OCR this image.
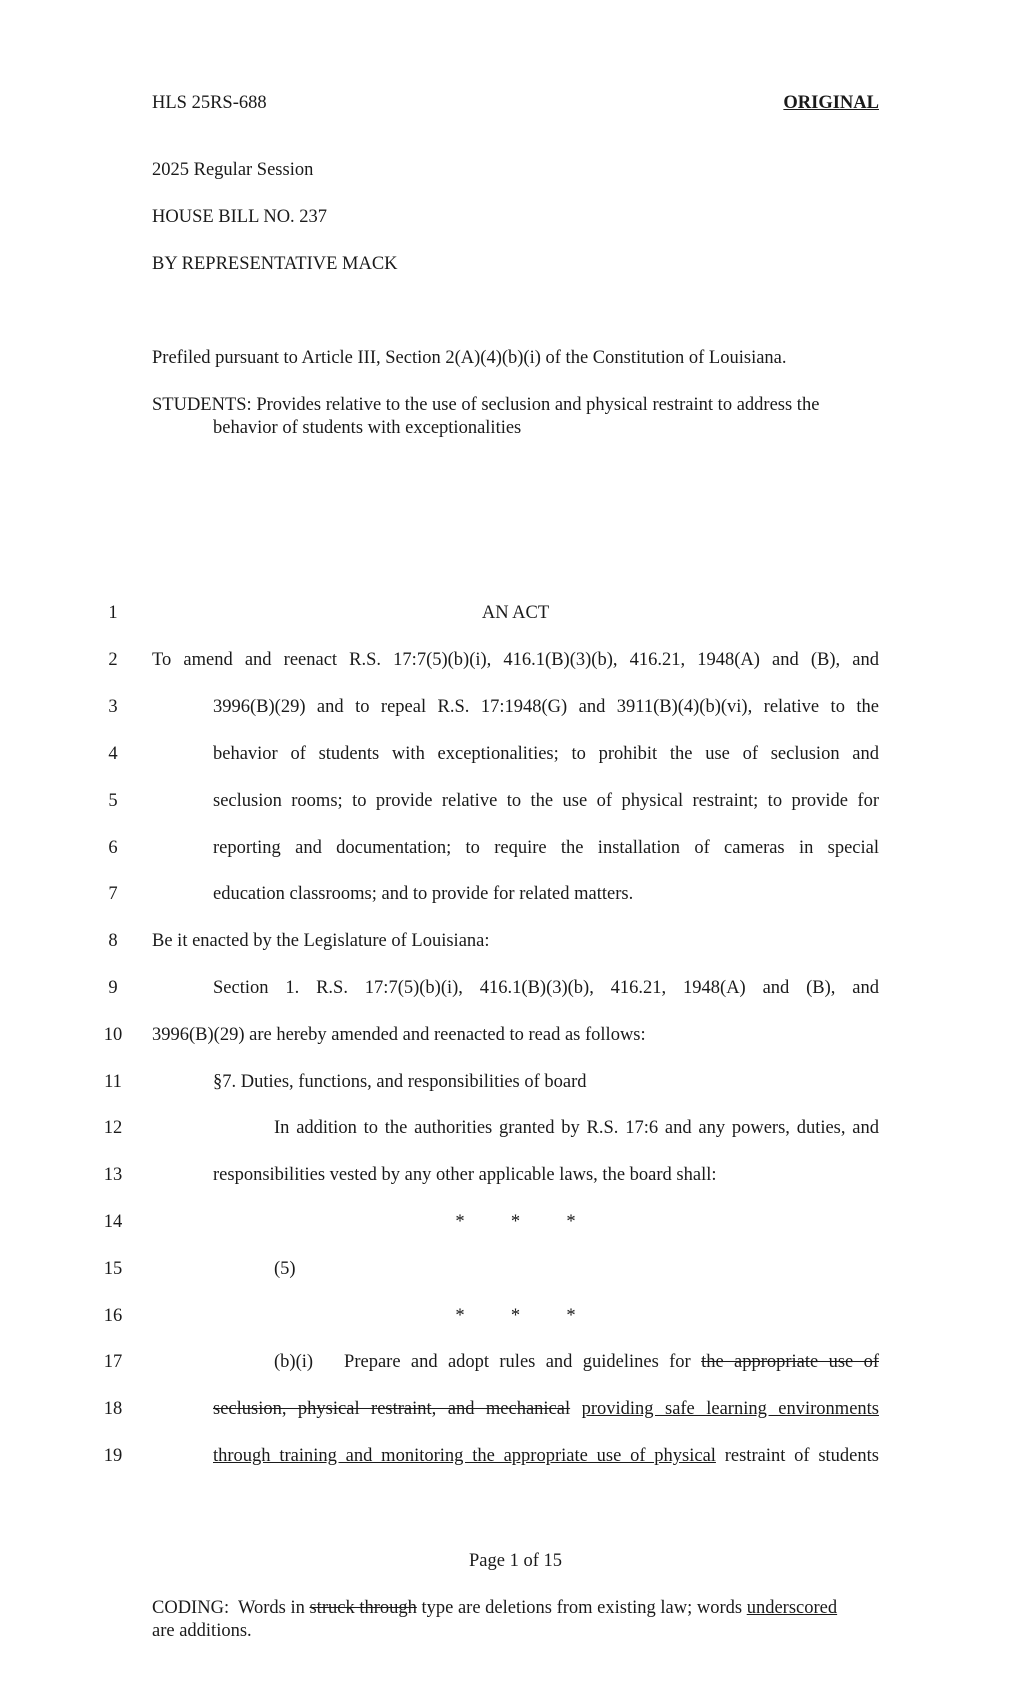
HLS 25RS-688	ORIGINAL
2025 Regular Session
HOUSE BILL NO. 237
BY REPRESENTATIVE MACK
Prefiled pursuant to Article III, Section 2(A)(4)(b)(i) of the Constitution of Louisiana.
STUDENTS: Provides relative to the use of seclusion and physical restraint to address the
behavior of students with exceptionalities
1
2
3
4
5
6
7
8
9
10
11
12
13
14
15
16
17
18
19
AN ACT
To amend and reenact R.S. 17:7(5)(b)(i), 416.1(B)(3)(b), 416.21, 1948(A) and (B), and
3996(B)(29) and to repeal R.S. 17:1948(G) and 3911(B)(4)(b)(vi), relative to the
behavior of students with exceptionalities; to prohibit the use of seclusion and
seclusion rooms; to provide relative to the use of physical restraint; to provide for
reporting and documentation; to require the installation of cameras in special
education classrooms; and to provide for related matters.
Be it enacted by the Legislature of Louisiana:
Section 1. R.S. 17:7(5)(b)(i), 416.1(B)(3)(b), 416.21, 1948(A) and (B), and
3996(B)(29) are hereby amended and reenacted to read as follows:
§7. Duties, functions, and responsibilities of board
In addition to the authorities granted by R.S. 17:6 and any powers, duties, and
responsibilities vested by any other applicable laws, the board shall:
*          *          *
(5)
*          *          *
(b)(i)   Prepare and adopt rules and guidelines for the appropriate use of
seclusion, physical restraint, and mechanical providing safe learning environments
through training and monitoring the appropriate use of physical restraint of students
Page 1 of 15
CODING:  Words in struck through type are deletions from existing law; words underscored
are additions.
